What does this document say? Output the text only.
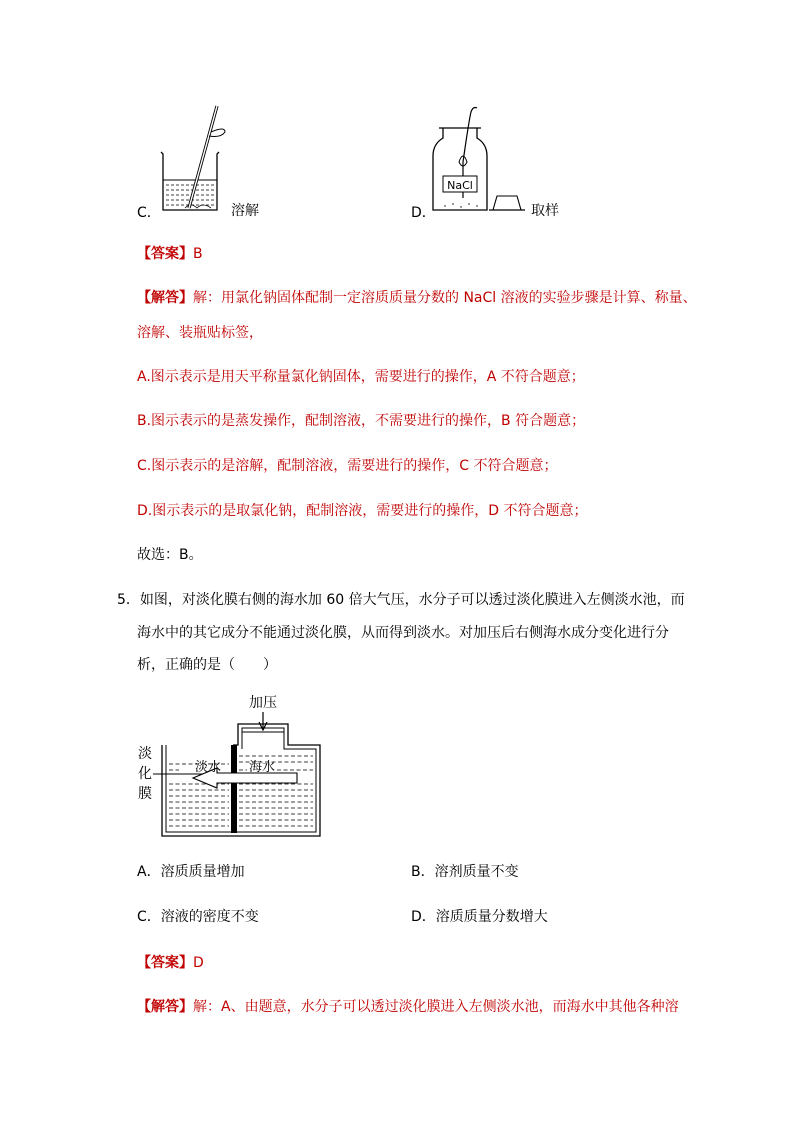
C．	溶解
NaCl
D．	取样
【答案】B
【解答】解：用氯化钠固体配制一定溶质质量分数的 NaCl 溶液的实验步骤是计算、称量、
溶解、装瓶贴标签，
A.图示表示是用天平称量氯化钠固体，需要进行的操作，A 不符合题意；
B.图示表示的是蒸发操作，配制溶液，不需要进行的操作，B 符合题意；
C.图示表示的是溶解，配制溶液，需要进行的操作，C 不符合题意；
D.图示表示的是取氯化钠，配制溶液，需要进行的操作，D 不符合题意；
故选：B。
5．如图，对淡化膜右侧的海水加 60 倍大气压，水分子可以透过淡化膜进入左侧淡水池，而
海水中的其它成分不能通过淡化膜，从而得到淡水。对加压后右侧海水成分变化进行分
析，正确的是（　　）
加压
淡水 海水
淡
化
膜
A．溶质质量增加	B．溶剂质量不变
C．溶液的密度不变	D．溶质质量分数增大
【答案】D
【解答】解：A、由题意，水分子可以透过淡化膜进入左侧淡水池，而海水中其他各种溶
